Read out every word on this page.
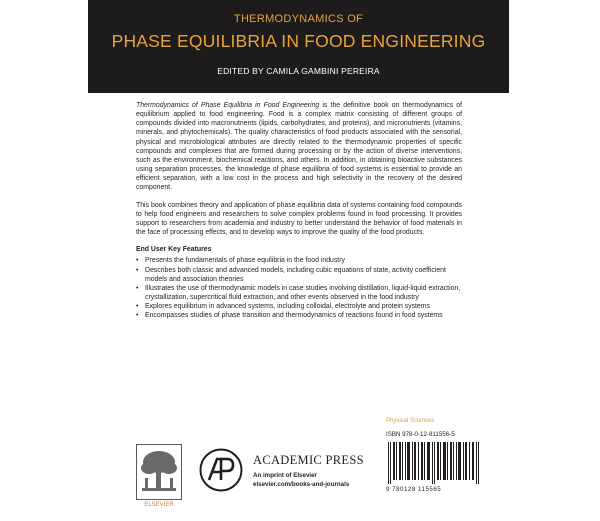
THERMODYNAMICS OF
PHASE EQUILIBRIA IN FOOD ENGINEERING
EDITED BY CAMILA GAMBINI PEREIRA

Thermodynamics of Phase Equilibria in Food Engineering is the definitive book on thermodynamics of equilibrium applied to food engineering. Food is a complex matrix consisting of different groups of compounds divided into macronutrients (lipids, carbohydrates, and proteins), and micronutrients (vitamins, minerals, and phytochemicals). The quality characteristics of food products associated with the sensorial, physical and microbiological attributes are directly related to the thermodynamic properties of specific compounds and complexes that are formed during processing or by the action of diverse interventions, such as the environment, biochemical reactions, and others. In addition, in obtaining bioactive substances using separation processes, the knowledge of phase equilibria of food systems is essential to provide an efficient separation, with a low cost in the process and high selectivity in the recovery of the desired component.

This book combines theory and application of phase equilibria data of systems containing food compounds to help food engineers and researchers to solve complex problems found in food processing. It provides support to researchers from academia and industry to better understand the behavior of food materials in the face of processing effects, and to develop ways to improve the quality of the food products.

End User Key Features
• Presents the fundamentals of phase equilibria in the food industry
• Describes both classic and advanced models, including cubic equations of state, activity coefficient models and association theories
• Illustrates the use of thermodynamic models in case studies involving distillation, liquid-liquid extraction, crystallization, supercritical fluid extraction, and other events observed in the food industry
• Explores equilibrium in advanced systems, including colloidal, electrolyte and protein systems
• Encompasses studies of phase transition and thermodynamics of reactions found in food systems
Physical Sciences
ISBN 978-0-12-811556-5
9 780128 115565
ELSEVIER
ACADEMIC PRESS
An imprint of Elsevier
elsevier.com/books-and-journals
